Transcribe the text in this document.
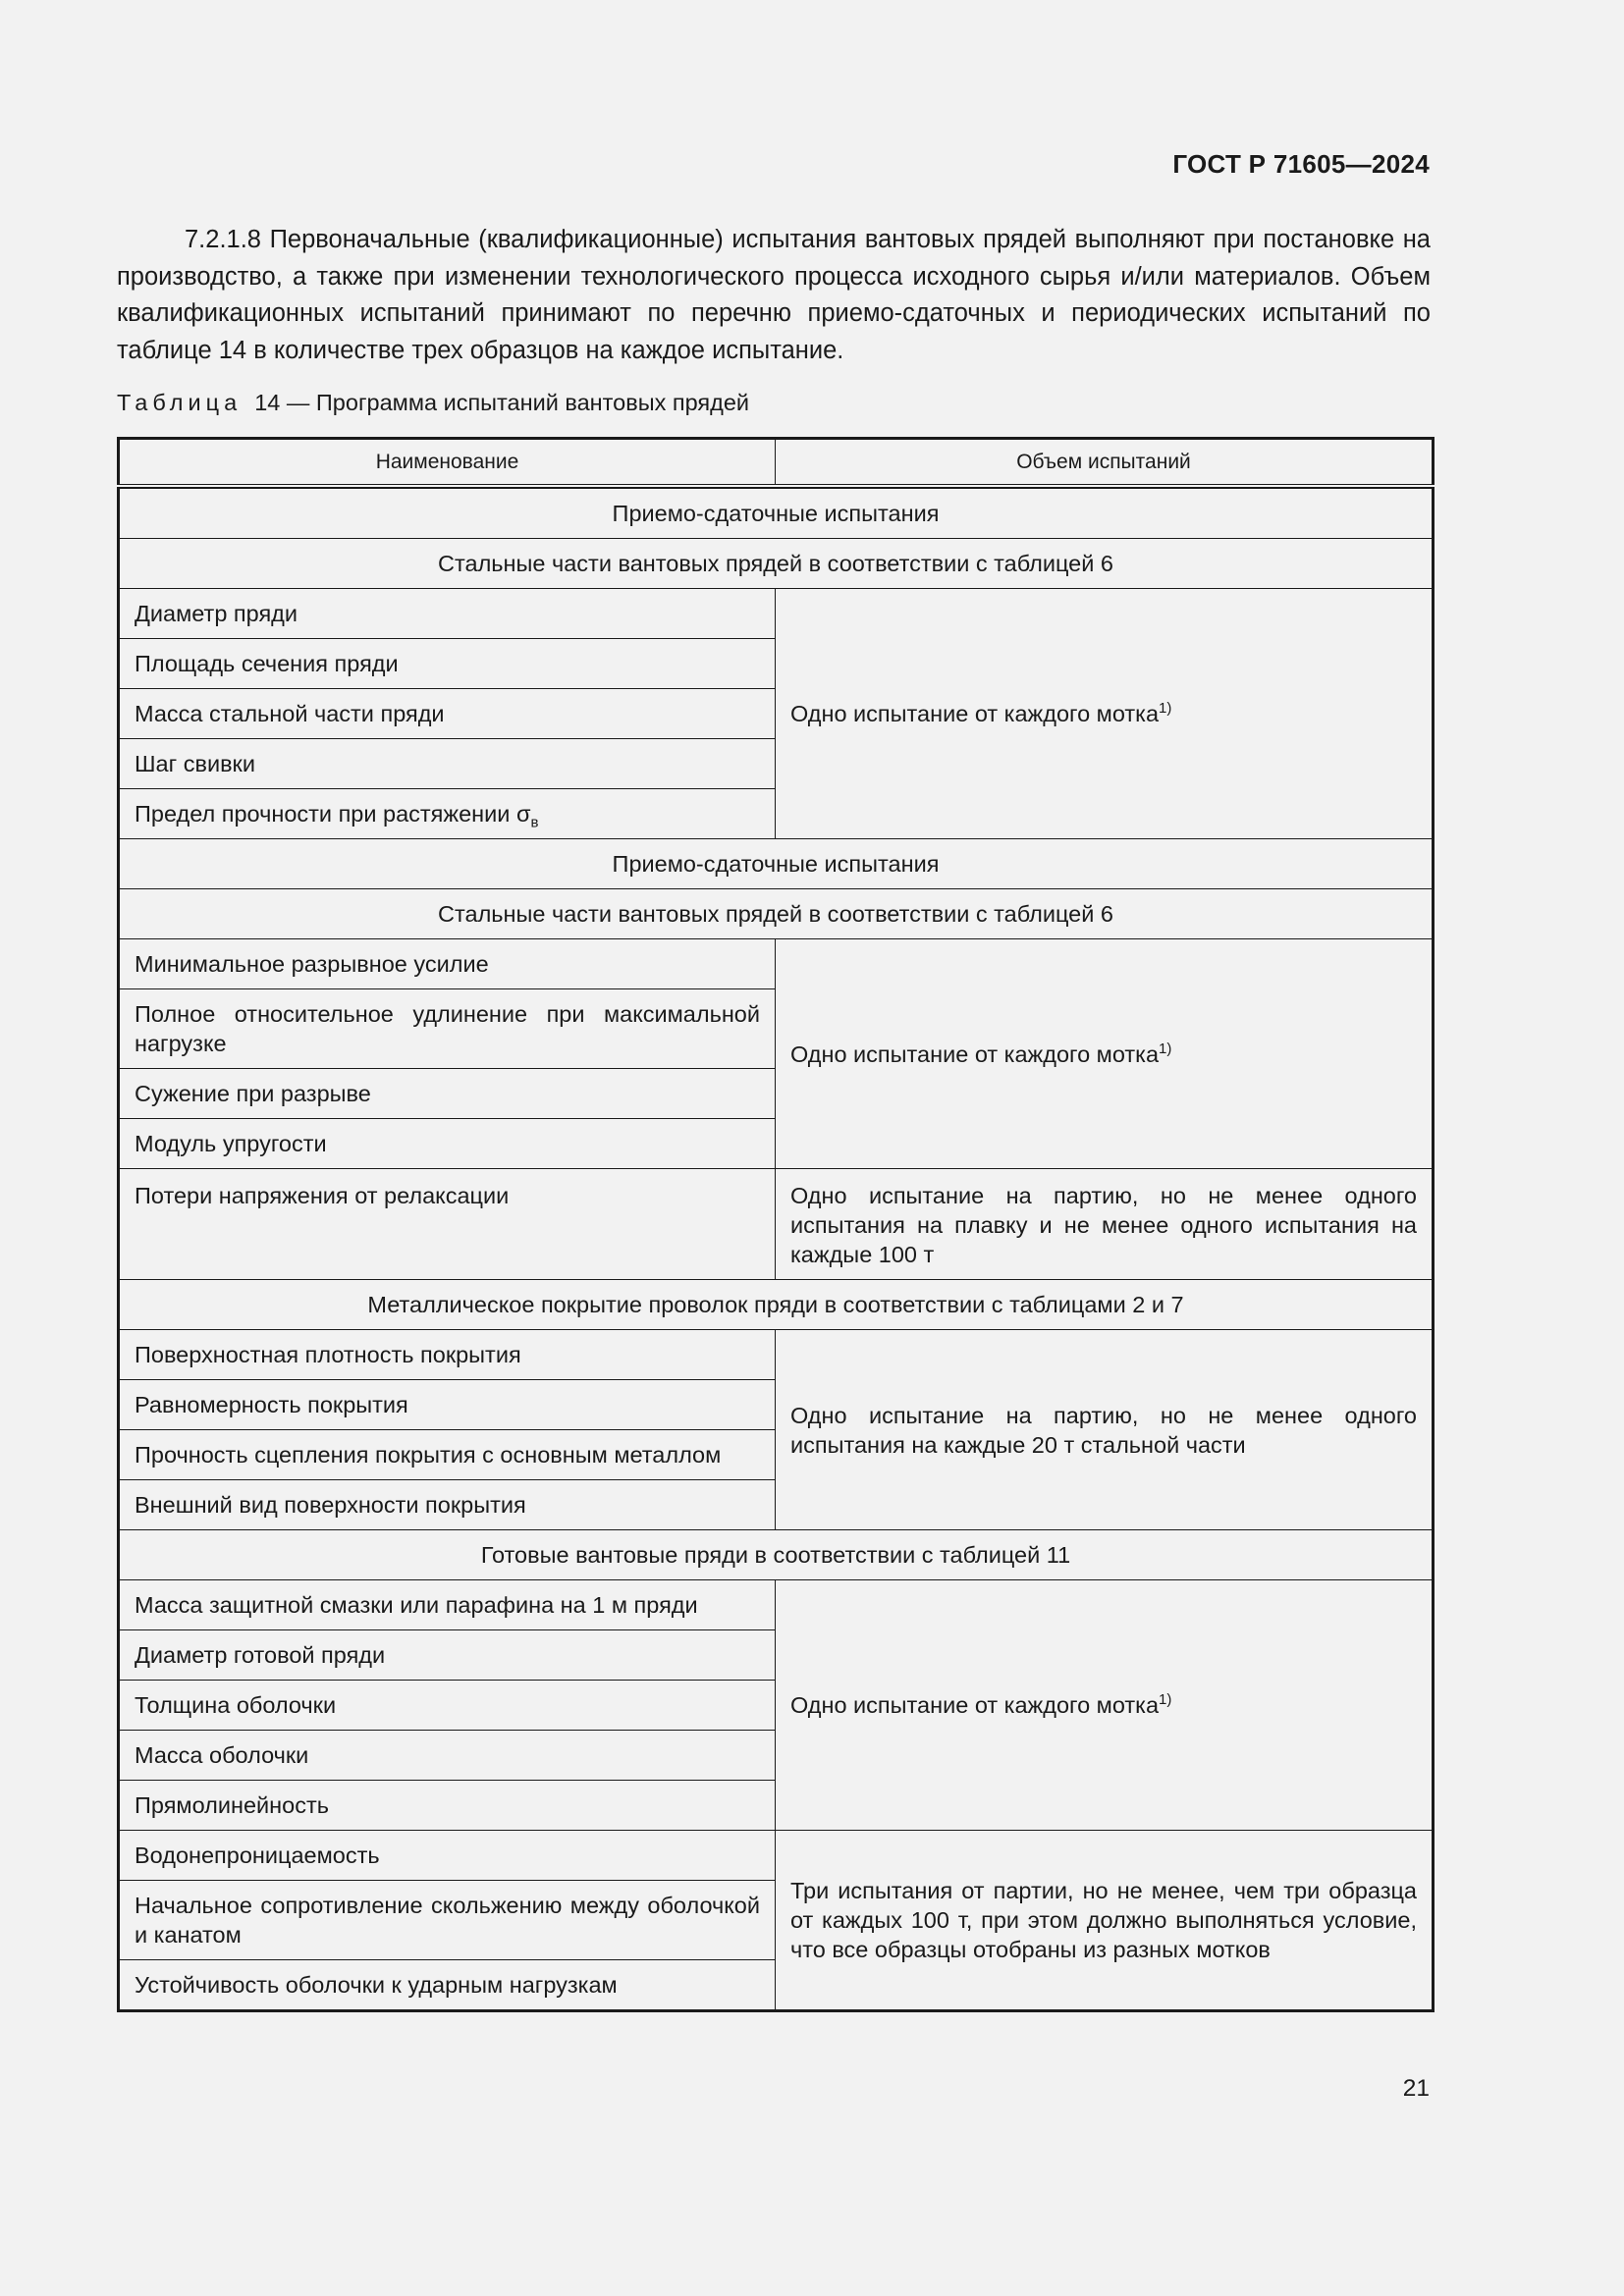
ГОСТ Р 71605—2024

7.2.1.8 Первоначальные (квалификационные) испытания вантовых прядей выполняют при постановке на производство, а также при изменении технологического процесса исходного сырья и/или материалов. Объем квалификационных испытаний принимают по перечню приемо-сдаточных и периодических испытаний по таблице 14 в количестве трех образцов на каждое испытание.

Таблица 14 — Программа испытаний вантовых прядей
Наименование	Объем испытаний

Приемо-сдаточные испытания	
Стальные части вантовых прядей в соответствии с таблицей 6	
Диаметр пряди	Одно испытание от каждого мотка$^{1)}$
Площадь сечения пряди	
Масса стальной части пряди	
Шаг свивки	
Предел прочности при растяжении $\sigma_в$
Приемо-сдаточные испытания	
Стальные части вантовых прядей в соответствии с таблицей 6	
Минимальное разрывное усилие	Одно испытание от каждого мотка$^{1)}$
Полное относительное удлинение при максимальной нагрузке	
Сужение при разрыве	
Модуль упругости	
Потери напряжения от релаксации	Одно испытание на партию, но не менее одного испытания на плавку и не менее одного испытания на каждые 100 т
Металлическое покрытие проволок пряди в соответствии с таблицами 2 и 7	
Поверхностная плотность покрытия	Одно испытание на партию, но не менее одного испытания на каждые 20 т стальной части
Равномерность покрытия	
Прочность сцепления покрытия с основным металлом	
Внешний вид поверхности покрытия	
Готовые вантовые пряди в соответствии с таблицей 11	
Масса защитной смазки или парафина на 1 м пряди	Одно испытание от каждого мотка$^{1)}$
Диаметр готовой пряди	
Толщина оболочки	
Масса оболочки	
Прямолинейность	
Водонепроницаемость	Три испытания от партии, но не менее, чем три образца от каждых 100 т, при этом должно выполняться условие, что все образцы отобраны из разных мотков
Начальное сопротивление скольжению между оболочкой и канатом	
Устойчивость оболочки к ударным нагрузкам	
21
